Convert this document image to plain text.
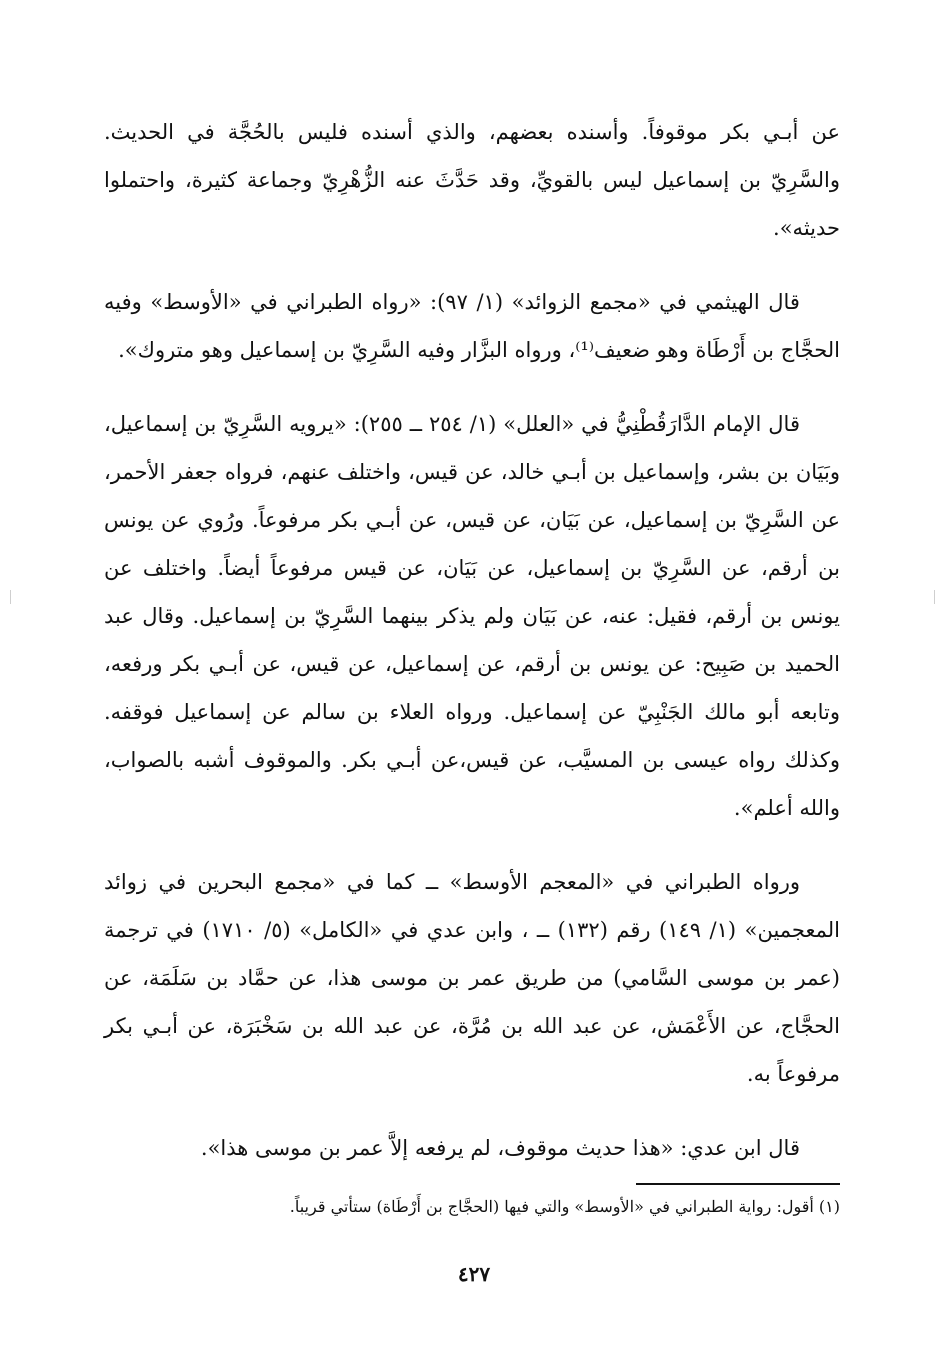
عن أبـي بكر موقوفاً. وأسنده بعضهم، والذي أسنده فليس بالحُجَّة في الحديث. والسَّرِيّ بن إسماعيل ليس بالقويِّ، وقد حَدَّثَ عنه الزُّهْرِيّ وجماعة كثيرة، واحتملوا حديثه».

قال الهيثمي في «مجمع الزوائد» (١/ ٩٧): «رواه الطبراني في «الأوسط» وفيه الحجَّاج بن أَرْطَاة وهو ضعيف⁽¹⁾، ورواه البزَّار وفيه السَّرِيّ بن إسماعيل وهو متروك».

قال الإمام الدَّارَقُطْنِيُّ في «العلل» (١/ ٢٥٤ ــ ٢٥٥): «يرويه السَّرِيّ بن إسماعيل، وبَيَان بن بشر، وإسماعيل بن أبـي خالد، عن قيس، واختلف عنهم، فرواه جعفر الأحمر، عن السَّرِيّ بن إسماعيل، عن بَيَان، عن قيس، عن أبـي بكر مرفوعاً. ورُوي عن يونس بن أرقم، عن السَّرِيّ بن إسماعيل، عن بَيَان، عن قيس مرفوعاً أيضاً. واختلف عن يونس بن أرقم، فقيل: عنه، عن بَيَان ولم يذكر بينهما السَّرِيّ بن إسماعيل. وقال عبد الحميد بن صَبِيح: عن يونس بن أرقم، عن إسماعيل، عن قيس، عن أبـي بكر ورفعه، وتابعه أبو مالك الجَنْبِيّ عن إسماعيل. ورواه العلاء بن سالم عن إسماعيل فوقفه. وكذلك رواه عيسى بن المسيَّب، عن قيس،عن أبـي بكر. والموقوف أشبه بالصواب، والله أعلم».

ورواه الطبراني في «المعجم الأوسط» ــ كما في «مجمع البحرين في زوائد المعجمين» (١/ ١٤٩) رقم (١٣٢) ــ ، وابن عدي في «الكامل» (٥/ ١٧١٠) في ترجمة (عمر بن موسى السَّامي) من طريق عمر بن موسى هذا، عن حمَّاد بن سَلَمَة، عن الحجَّاج، عن الأَعْمَش، عن عبد الله بن مُرَّة، عن عبد الله بن سَخْبَرَة، عن أبـي بكر مرفوعاً به.

قال ابن عدي: «هذا حديث موقوف، لم يرفعه إلاَّ عمر بن موسى هذا».

(١) أقول: رواية الطبراني في «الأوسط» والتي فيها (الحجَّاج بن أَرْطَاة) ستأتي قريباً.
٤٢٧
